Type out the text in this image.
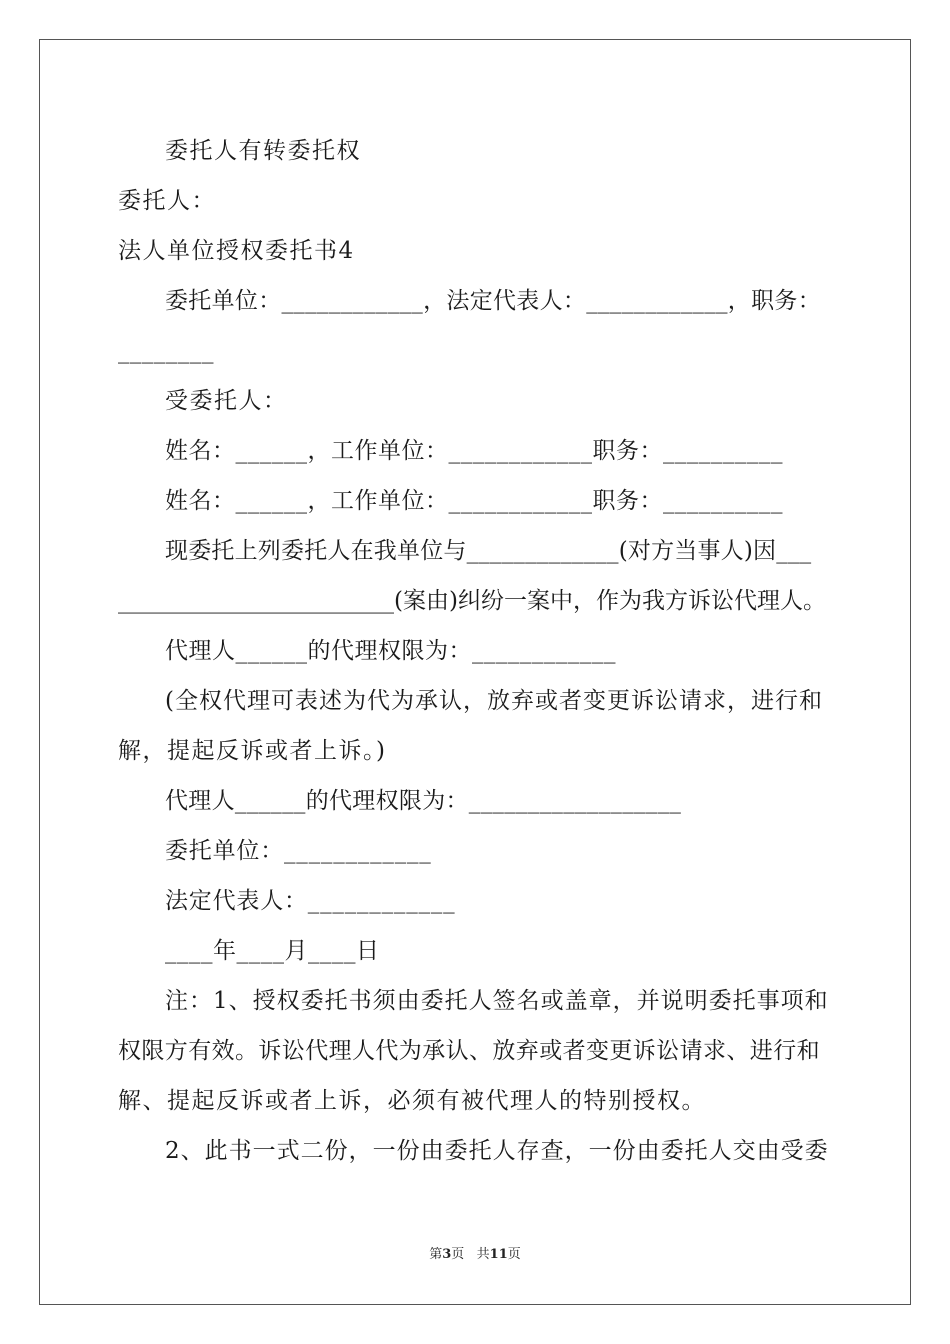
委托人有转委托权
委托人：
法人单位授权委托书4
委托单位：____________，法定代表人：____________，职务：
________
受委托人：
姓名：______，工作单位：____________职务：__________
姓名：______，工作单位：____________职务：__________
现委托上列委托人在我单位与_____________(对方当事人)因___
________________________(案由)纠纷一案中，作为我方诉讼代理人。
代理人______的代理权限为：____________
(全权代理可表述为代为承认，放弃或者变更诉讼请求，进行和
解，提起反诉或者上诉。)
代理人______的代理权限为：__________________
委托单位：____________
法定代表人：____________
____年____月____日
注：1、授权委托书须由委托人签名或盖章，并说明委托事项和
权限方有效。诉讼代理人代为承认、放弃或者变更诉讼请求、进行和
解、提起反诉或者上诉，必须有被代理人的特别授权。
2、此书一式二份，一份由委托人存查，一份由委托人交由受委
第3页   共11页
